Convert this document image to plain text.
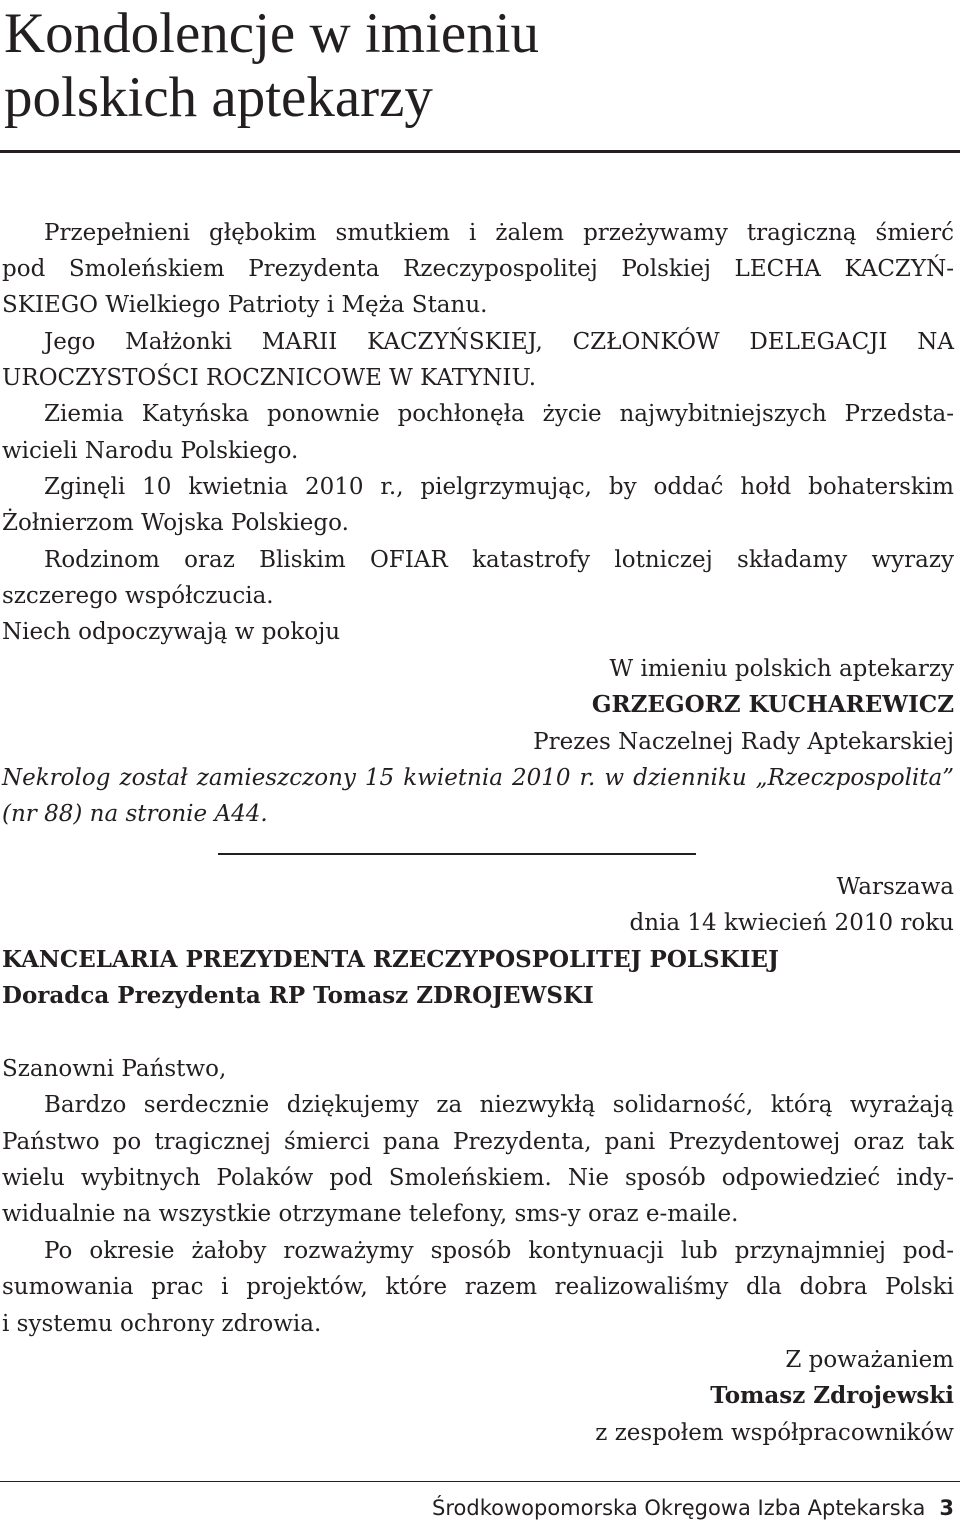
Kondolencje w imieniu
polskich aptekarzy
Przepełnieni głębokim smutkiem i żalem przeżywamy tragiczną śmierć
pod Smoleńskiem Prezydenta Rzeczypospolitej Polskiej LECHA KACZYŃ-
SKIEGO Wielkiego Patrioty i Męża Stanu.
Jego Małżonki MARII KACZYŃSKIEJ, CZŁONKÓW DELEGACJI NA
UROCZYSTOŚCI ROCZNICOWE W KATYNIU.
Ziemia Katyńska ponownie pochłonęła życie najwybitniejszych Przedsta-
wicieli Narodu Polskiego.
Zginęli 10 kwietnia 2010 r., pielgrzymując, by oddać hołd bohaterskim
Żołnierzom Wojska Polskiego.
Rodzinom oraz Bliskim OFIAR katastrofy lotniczej składamy wyrazy
szczerego współczucia.
Niech odpoczywają w pokoju
W imieniu polskich aptekarzy
GRZEGORZ KUCHAREWICZ
Prezes Naczelnej Rady Aptekarskiej
Nekrolog został zamieszczony 15 kwietnia 2010 r. w dzienniku „Rzeczpospolita”
(nr 88) na stronie A44.
Warszawa
dnia 14 kwiecień 2010 roku
KANCELARIA PREZYDENTA RZECZYPOSPOLITEJ POLSKIEJ
Doradca Prezydenta RP Tomasz ZDROJEWSKI
Szanowni Państwo,
Bardzo serdecznie dziękujemy za niezwykłą solidarność, którą wyrażają
Państwo po tragicznej śmierci pana Prezydenta, pani Prezydentowej oraz tak
wielu wybitnych Polaków pod Smoleńskiem. Nie sposób odpowiedzieć indy-
widualnie na wszystkie otrzymane telefony, sms-y oraz e-maile.
Po okresie żałoby rozważymy sposób kontynuacji lub przynajmniej pod-
sumowania prac i projektów, które razem realizowaliśmy dla dobra Polski
i systemu ochrony zdrowia.
Z poważaniem
Tomasz Zdrojewski
z zespołem współpracowników
Środkowopomorska Okręgowa Izba Aptekarska 3
